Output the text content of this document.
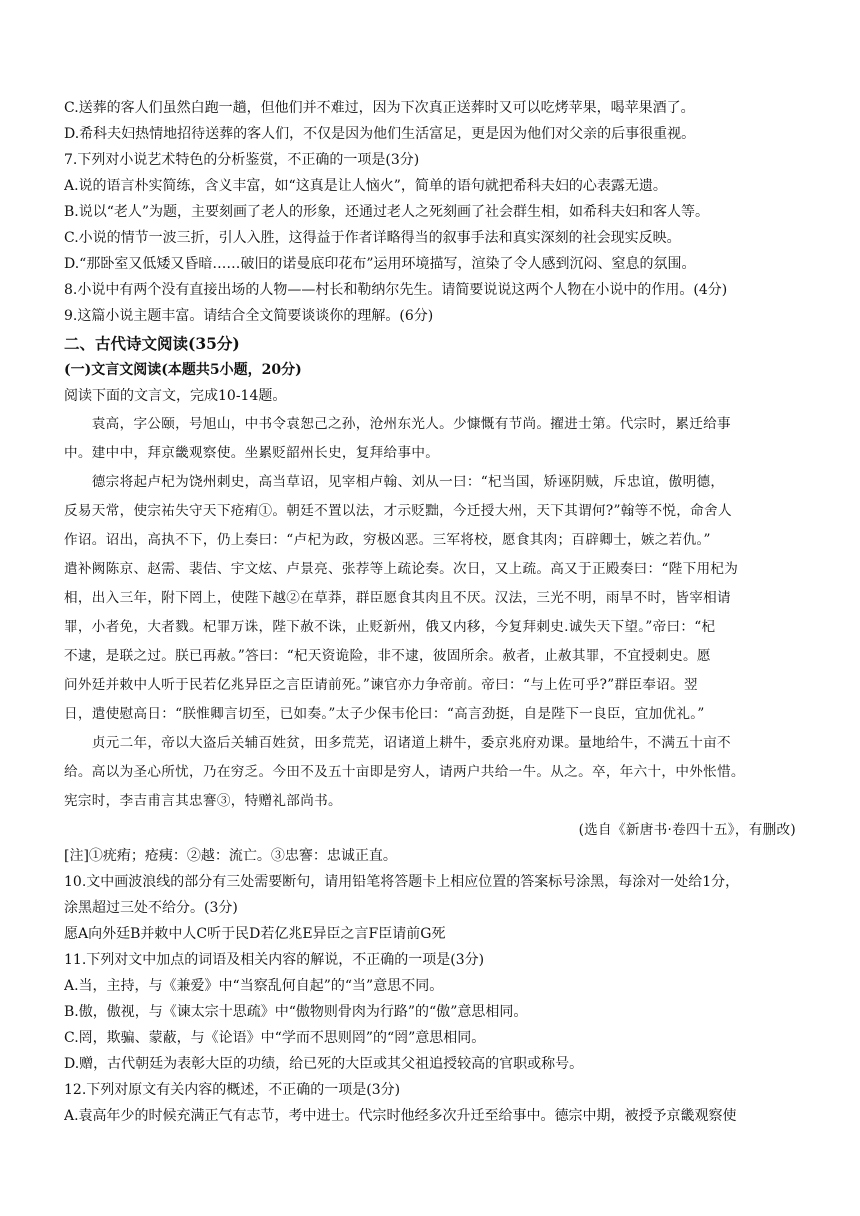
C.送葬的客人们虽然白跑一趟，但他们并不难过，因为下次真正送葬时又可以吃烤苹果，喝苹果酒了。
D.希科夫妇热情地招待送葬的客人们，不仅是因为他们生活富足，更是因为他们对父亲的后事很重视。
7.下列对小说艺术特色的分析鉴赏，不正确的一项是(3分)
A.说的语言朴实简练，含义丰富，如“这真是让人恼火”，简单的语句就把希科夫妇的心表露无遗。
B.说以“老人”为题，主要刻画了老人的形象，还通过老人之死刻画了社会群生相，如希科夫妇和客人等。
C.小说的情节一波三折，引人入胜，这得益于作者详略得当的叙事手法和真实深刻的社会现实反映。
D.“那卧室又低矮又昏暗……破旧的诺曼底印花布”运用环境描写，渲染了令人感到沉闷、窒息的氛围。
8.小说中有两个没有直接出场的人物——村长和勒纳尔先生。请简要说说这两个人物在小说中的作用。(4分)
9.这篇小说主题丰富。请结合全文简要谈谈你的理解。(6分)
二、古代诗文阅读(35分)
(一)文言文阅读(本题共5小题，20分)
阅读下面的文言文，完成10-14题。
　　袁高，字公颐，号旭山，中书令袁恕己之孙，沧州东光人。少慷慨有节尚。擢进士第。代宗时，累迁给事
中。建中中，拜京畿观察使。坐累贬韶州长史，复拜给事中。
　　德宗将起卢杞为饶州刺史，高当草诏，见宰相卢翰、刘从一曰：“杞当国，矫诬阴贼，斥忠谊，傲明德，
反易天常，使宗祐失守天下疮痏①。朝廷不置以法，才示贬黜，今迁授大州，天下其谓何?”翰等不悦，命舍人
作诏。诏出，高执不下，仍上奏曰：“卢杞为政，穷极凶恶。三军将校，愿食其肉；百辟卿士，嫉之若仇。”
遣补阙陈京、赵需、裴佶、宇文炫、卢景亮、张荐等上疏论奏。次日，又上疏。高又于正殿奏曰：“陛下用杞为
相，出入三年，附下罔上，使陛下越②在草莽，群臣愿食其肉且不厌。汉法，三光不明，雨旱不时，皆宰相请
罪，小者免，大者戮。杞罪万诛，陛下赦不诛，止贬新州，俄又内移，今复拜刺史.诚失天下望。”帝曰：“杞
不逮，是联之过。朕已再赦。”答曰：“杞天资诡险，非不逮，彼固所余。赦者，止赦其罪，不宜授刺史。愿
问外廷并敕中人听于民若亿兆异臣之言臣请前死。”谏官亦力争帝前。帝曰：“与上佐可乎?”群臣奉诏。翌
日，遣使慰高日：“朕惟卿言切至，已如奏。”太子少保韦伦曰：“高言劲挺，自是陛下一良臣，宜加优礼。”
　　贞元二年，帝以大盗后关辅百姓贫，田多荒芜，诏诸道上耕牛，委京兆府劝课。量地给牛，不满五十亩不
给。高以为圣心所忧，乃在穷乏。今田不及五十亩即是穷人，请两户共给一牛。从之。卒，年六十，中外怅惜。
宪宗时，李吉甫言其忠謇③，特赠礼部尚书。
(选自《新唐书·卷四十五》，有删改)
[注]①疣痏；疮痍：②越：流亡。③忠謇：忠诚正直。
10.文中画波浪线的部分有三处需要断句，请用铅笔将答题卡上相应位置的答案标号涂黑，每涂对一处给1分，
涂黑超过三处不给分。(3分)
愿A向外廷B并敕中人C听于民D若亿兆E异臣之言F臣请前G死
11.下列对文中加点的词语及相关内容的解说，不正确的一项是(3分)
A.当，主持，与《兼爱》中“当察乱何自起”的“当”意思不同。
B.傲，傲视，与《谏太宗十思疏》中“傲物则骨肉为行路”的“傲”意思相同。
C.罔，欺骗、蒙蔽，与《论语》中“学而不思则罔”的“罔”意思相同。
D.赠，古代朝廷为表彰大臣的功绩，给已死的大臣或其父祖追授较高的官职或称号。
12.下列对原文有关内容的概述，不正确的一项是(3分)
A.袁高年少的时候充满正气有志节，考中进士。代宗时他经多次升迁至给事中。德宗中期，被授予京畿观察使
